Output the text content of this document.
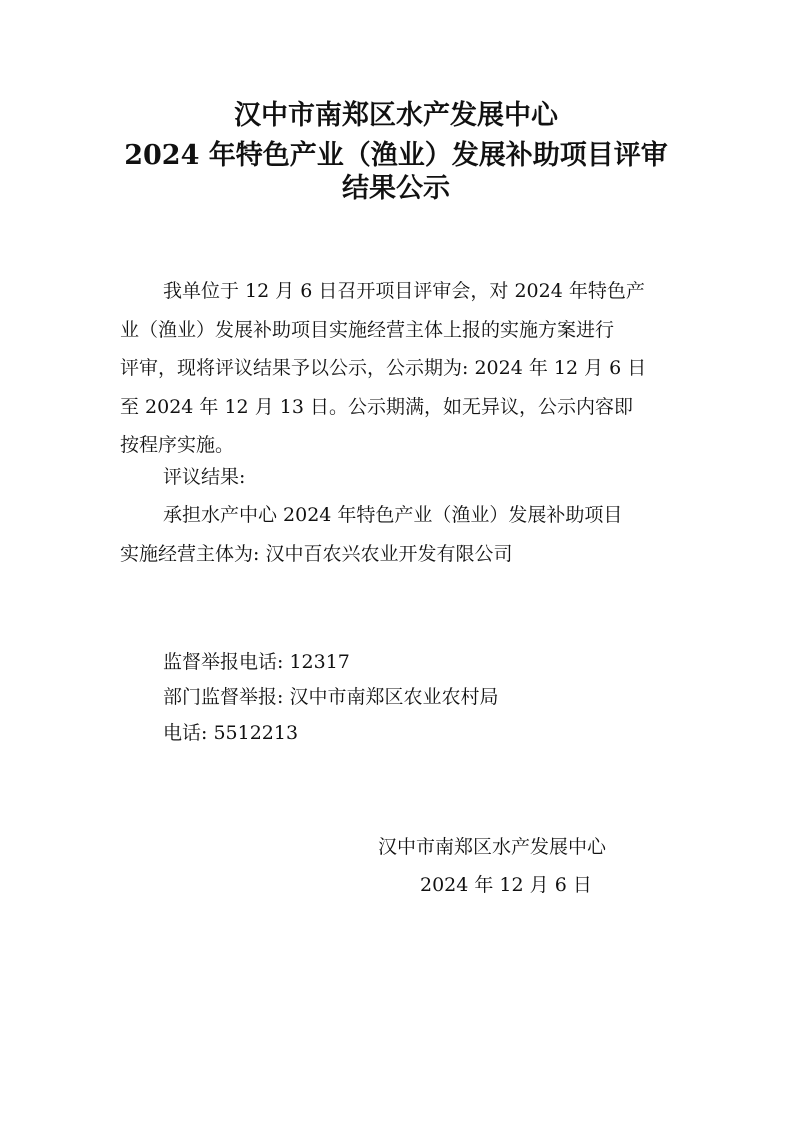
汉中市南郑区水产发展中心
2024 年特色产业（渔业）发展补助项目评审
结果公示
我单位于 12 月 6 日召开项目评审会，对 2024 年特色产
业（渔业）发展补助项目实施经营主体上报的实施方案进行
评审，现将评议结果予以公示，公示期为: 2024 年 12 月 6 日
至 2024 年 12 月 13 日。公示期满，如无异议，公示内容即
按程序实施。
评议结果:
承担水产中心 2024 年特色产业（渔业）发展补助项目
实施经营主体为: 汉中百农兴农业开发有限公司
监督举报电话: 12317
部门监督举报: 汉中市南郑区农业农村局
电话: 5512213
汉中市南郑区水产发展中心
2024 年 12 月 6 日
